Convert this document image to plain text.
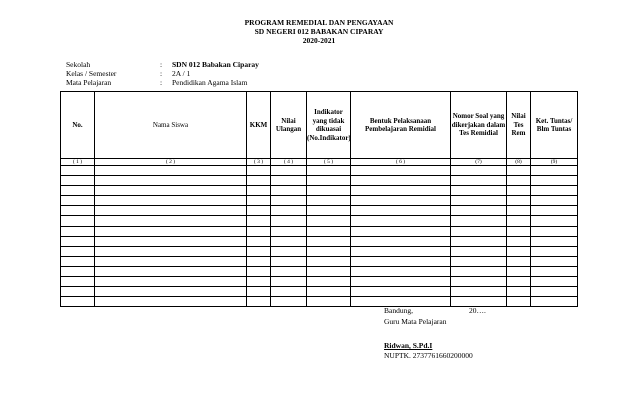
PROGRAM REMEDIAL DAN PENGAYAAN
SD NEGERI 012 BABAKAN CIPARAY
2020-2021
Sekolah	:	SDN 012 Babakan Ciparay
Kelas / Semester	:	2A / 1
Mata Pelajaran	:	Pendidikan Agama Islam
No.	Nama Siswa	KKM	Nilai Ulangan	Indikator yang tidak dikuasai (No.Indikator)	Bentuk Pelaksanaan Pembelajaran Remidial	Nomor Soal yang dikerjakan dalam Tes Remidial	Nilai Tes Rem	Ket. Tuntas/ Blm Tuntas
( 1 )	( 2 )	( 3 )	( 4 )	( 5 )	( 6 )	(7)	(8)	(9)

Bandung,	20….
Guru Mata Pelajaran
Ridwan, S.Pd.I
NUPTK. 2737761660200000
